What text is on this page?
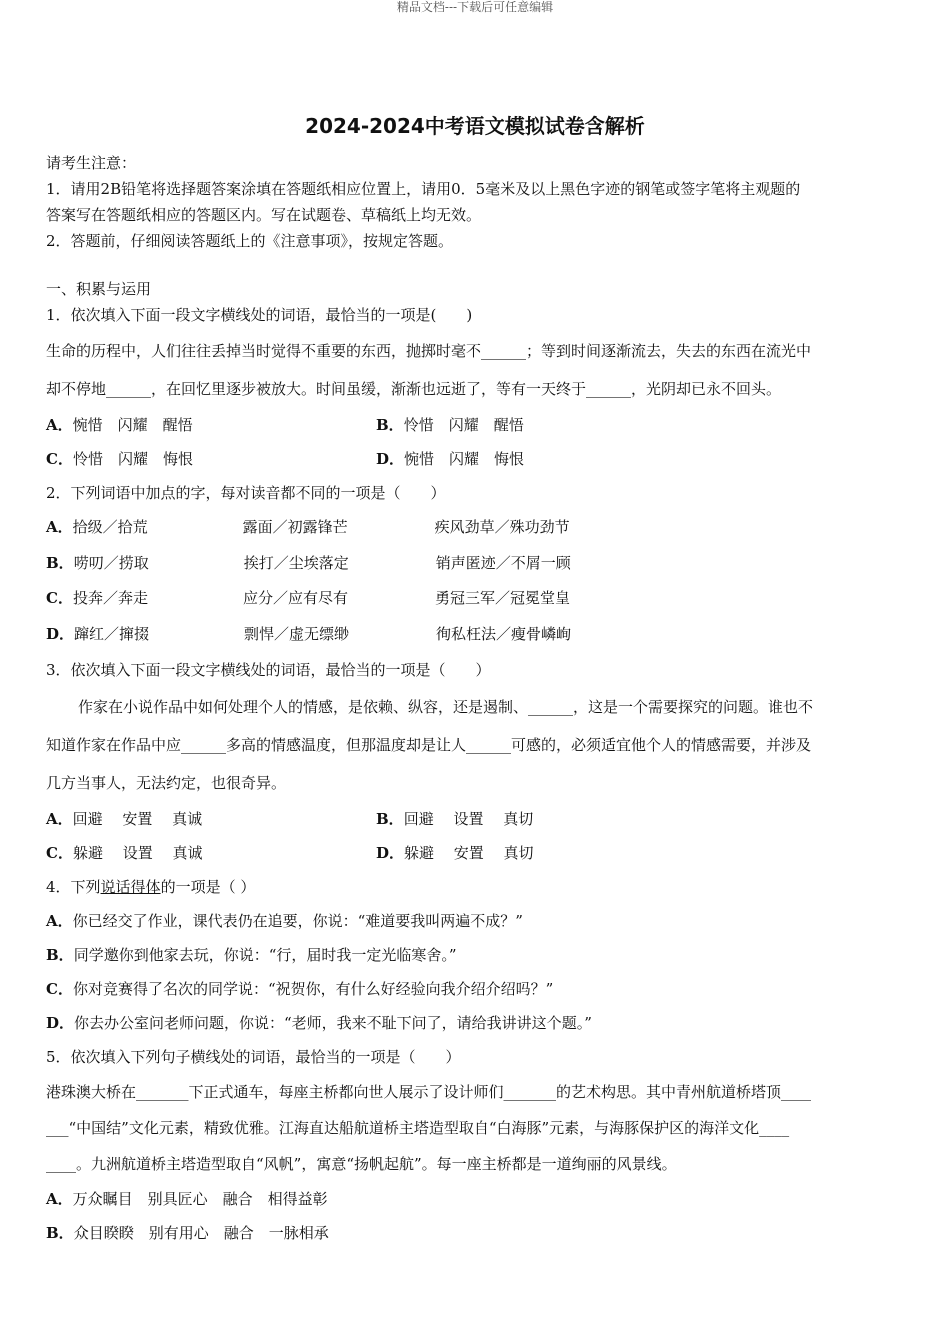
精品文档---下载后可任意编辑
2024-2024中考语文模拟试卷含解析
请考生注意：
1．请用2B铅笔将选择题答案涂填在答题纸相应位置上，请用0．5毫米及以上黑色字迹的钢笔或签字笔将主观题的
答案写在答题纸相应的答题区内。写在试题卷、草稿纸上均无效。
2．答题前，仔细阅读答题纸上的《注意事项》，按规定答题。
一、积累与运用
1．依次填入下面一段文字横线处的词语，最恰当的一项是(　　)
生命的历程中，人们往往丢掉当时觉得不重要的东西，抛掷时毫不______；等到时间逐渐流去，失去的东西在流光中
却不停地______，在回忆里逐步被放大。时间虽缓，渐渐也远逝了，等有一天终于______，光阴却已永不回头。
A．惋惜　闪耀　醒悟	B．怜惜　闪耀　醒悟
C．怜惜　闪耀　悔恨	D．惋惜　闪耀　悔恨
2．下列词语中加点的字，每对读音都不同的一项是（　　）
A． 拾级／拾荒	露面／初露锋芒	疾风劲草／殊功劲节
B． 唠叨／捞取	挨打／尘埃落定	销声匿迹／不屑一顾
C． 投奔／奔走	应分／应有尽有	勇冠三军／冠冕堂皇
D． 蹿红／撺掇	剽悍／虚无缥缈	徇私枉法／瘦骨嶙峋
3．依次填入下面一段文字横线处的词语，最恰当的一项是（　　）
作家在小说作品中如何处理个人的情感，是依赖、纵容，还是遏制、______，这是一个需要探究的问题。谁也不
知道作家在作品中应______多高的情感温度，但那温度却是让人______可感的，必须适宜他个人的情感需要，并涉及
几方当事人，无法约定，也很奇异。
A．回避　 安置　 真诚	B．回避　 设置　 真切
C．躲避　 设置　 真诚	D．躲避　 安置　 真切
4．下列说话得体的一项是（ ）
A．你已经交了作业，课代表仍在追要，你说：“难道要我叫两遍不成？”
B．同学邀你到他家去玩，你说：“行，届时我一定光临寒舍。”
C．你对竞赛得了名次的同学说：“祝贺你，有什么好经验向我介绍介绍吗？”
D．你去办公室问老师问题，你说：“老师，我来不耻下问了，请给我讲讲这个题。”
5．依次填入下列句子横线处的词语，最恰当的一项是（　　）
港珠澳大桥在_______下正式通车，每座主桥都向世人展示了设计师们_______的艺术构思。其中青州航道桥塔顶____
___“中国结”文化元素，精致优雅。江海直达船航道桥主塔造型取自“白海豚”元素，与海豚保护区的海洋文化____
____。九洲航道桥主塔造型取自“风帆”，寓意“扬帆起航”。每一座主桥都是一道绚丽的风景线。
A．万众瞩目　别具匠心　融合　相得益彰
B．众目睽睽　别有用心　融合　一脉相承
